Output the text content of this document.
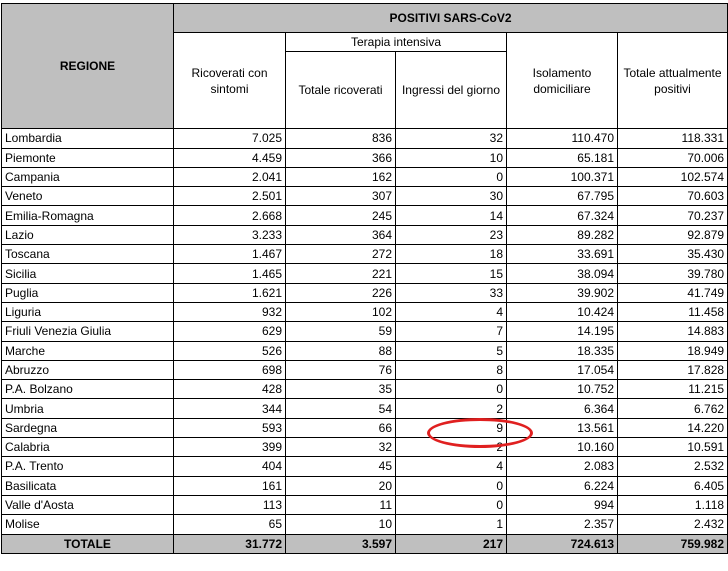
REGIONE	POSITIVI SARS-CoV2				
	Ricoverati con sintomi	Terapia intensiva		Isolamento domiciliare	Totale attualmente positivi
		Totale ricoverati	Ingressi del giorno		
Lombardia	7.025	836	32	110.470	118.331
Piemonte	4.459	366	10	65.181	70.006
Campania	2.041	162	0	100.371	102.574
Veneto	2.501	307	30	67.795	70.603
Emilia-Romagna	2.668	245	14	67.324	70.237
Lazio	3.233	364	23	89.282	92.879
Toscana	1.467	272	18	33.691	35.430
Sicilia	1.465	221	15	38.094	39.780
Puglia	1.621	226	33	39.902	41.749
Liguria	932	102	4	10.424	11.458
Friuli Venezia Giulia	629	59	7	14.195	14.883
Marche	526	88	5	18.335	18.949
Abruzzo	698	76	8	17.054	17.828
P.A. Bolzano	428	35	0	10.752	11.215
Umbria	344	54	2	6.364	6.762
Sardegna	593	66	9	13.561	14.220
Calabria	399	32	2	10.160	10.591
P.A. Trento	404	45	4	2.083	2.532
Basilicata	161	20	0	6.224	6.405
Valle d'Aosta	113	11	0	994	1.118
Molise	65	10	1	2.357	2.432
TOTALE	31.772	3.597	217	724.613	759.982
